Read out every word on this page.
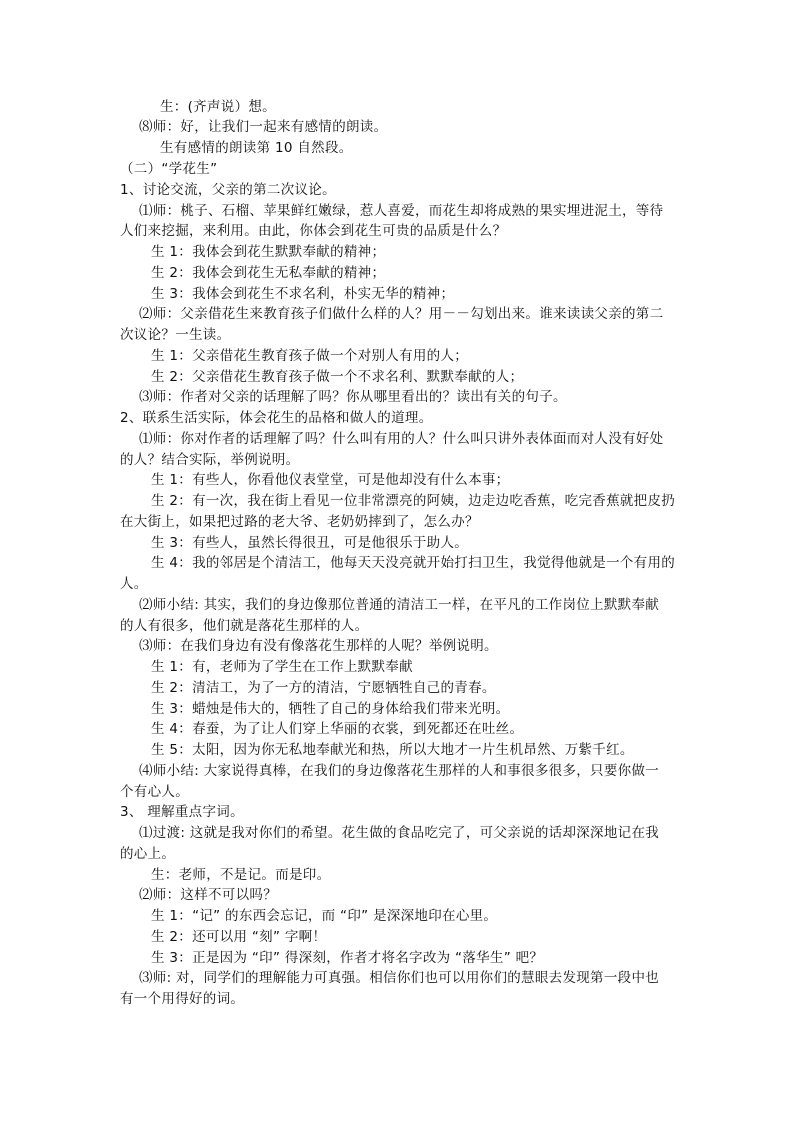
生：(齐声说）想。
⑻师：好，让我们一起来有感情的朗读。
生有感情的朗读第 10 自然段。
（二）“学花生”
1、讨论交流，父亲的第二次议论。
⑴师：桃子、石榴、苹果鲜红嫩绿，惹人喜爱，而花生却将成熟的果实埋进泥土，等待
人们来挖掘，来利用。由此，你体会到花生可贵的品质是什么？
生 1：我体会到花生默默奉献的精神；
生 2：我体会到花生无私奉献的精神；
生 3：我体会到花生不求名利，朴实无华的精神；
⑵师：父亲借花生来教育孩子们做什么样的人？用－－勾划出来。谁来读读父亲的第二
次议论？一生读。
生 1：父亲借花生教育孩子做一个对别人有用的人；
生 2：父亲借花生教育孩子做一个不求名利、默默奉献的人；
⑶师：作者对父亲的话理解了吗？你从哪里看出的？读出有关的句子。
2、联系生活实际，体会花生的品格和做人的道理。
⑴师：你对作者的话理解了吗？什么叫有用的人？什么叫只讲外表体面而对人没有好处
的人？结合实际，举例说明。
生 1：有些人，你看他仪表堂堂，可是他却没有什么本事；
生 2：有一次，我在街上看见一位非常漂亮的阿姨，边走边吃香蕉，吃完香蕉就把皮扔
在大街上，如果把过路的老大爷、老奶奶摔到了，怎么办？
生 3：有些人，虽然长得很丑，可是他很乐于助人。
生 4：我的邻居是个清洁工，他每天天没亮就开始打扫卫生，我觉得他就是一个有用的
人。
⑵师小结: 其实，我们的身边像那位普通的清洁工一样，在平凡的工作岗位上默默奉献
的人有很多，他们就是落花生那样的人。
⑶师：在我们身边有没有像落花生那样的人呢？举例说明。
生 1：有，老师为了学生在工作上默默奉献
生 2：清洁工，为了一方的清洁，宁愿牺牲自己的青春。
生 3：蜡烛是伟大的，牺牲了自己的身体给我们带来光明。
生 4：春蚕，为了让人们穿上华丽的衣裳，到死都还在吐丝。
生 5：太阳，因为你无私地奉献光和热，所以大地才一片生机昂然、万紫千红。
⑷师小结: 大家说得真棒，在我们的身边像落花生那样的人和事很多很多，只要你做一
个有心人。
3、 理解重点字词。
⑴过渡: 这就是我对你们的希望。花生做的食品吃完了，可父亲说的话却深深地记在我
的心上。
生：老师，不是记。而是印。
⑵师：这样不可以吗？
生 1：“记” 的东西会忘记，而 “印” 是深深地印在心里。
生 2：还可以用 “刻” 字啊！
生 3：正是因为 “印” 得深刻，作者才将名字改为 “落华生” 吧？
⑶师: 对，同学们的理解能力可真强。相信你们也可以用你们的慧眼去发现第一段中也
有一个用得好的词。
